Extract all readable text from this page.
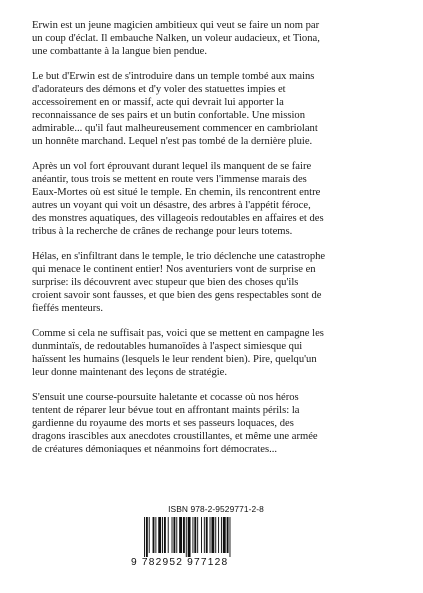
Erwin est un jeune magicien ambitieux qui veut se faire un nom par
un coup d'éclat. Il embauche Nalken, un voleur audacieux, et Tiona,
une combattante à la langue bien pendue.

Le but d'Erwin est de s'introduire dans un temple tombé aux mains
d'adorateurs des démons et d'y voler des statuettes impies et
accessoirement en or massif, acte qui devrait lui apporter la
reconnaissance de ses pairs et un butin confortable. Une mission
admirable... qu'il faut malheureusement commencer en cambriolant
un honnête marchand. Lequel n'est pas tombé de la dernière pluie.

Après un vol fort éprouvant durant lequel ils manquent de se faire
anéantir, tous trois se mettent en route vers l'immense marais des
Eaux-Mortes où est situé le temple. En chemin, ils rencontrent entre
autres un voyant qui voit un désastre, des arbres à l'appétit féroce,
des monstres aquatiques, des villageois redoutables en affaires et des
tribus à la recherche de crânes de rechange pour leurs totems.

Hélas, en s'infiltrant dans le temple, le trio déclenche une catastrophe
qui menace le continent entier! Nos aventuriers vont de surprise en
surprise: ils découvrent avec stupeur que bien des choses qu'ils
croient savoir sont fausses, et que bien des gens respectables sont de
fieffés menteurs.

Comme si cela ne suffisait pas, voici que se mettent en campagne les
dunmintaïs, de redoutables humanoïdes à l'aspect simiesque qui
haïssent les humains (lesquels le leur rendent bien). Pire, quelqu'un
leur donne maintenant des leçons de stratégie.

S'ensuit une course-poursuite haletante et cocasse où nos héros
tentent de réparer leur bévue tout en affrontant maints périls: la
gardienne du royaume des morts et ses passeurs loquaces, des
dragons irascibles aux anecdotes croustillantes, et même une armée
de créatures démoniaques et néanmoins fort démocrates...

ISBN 978-2-9529771-2-8
9 782952 977128
